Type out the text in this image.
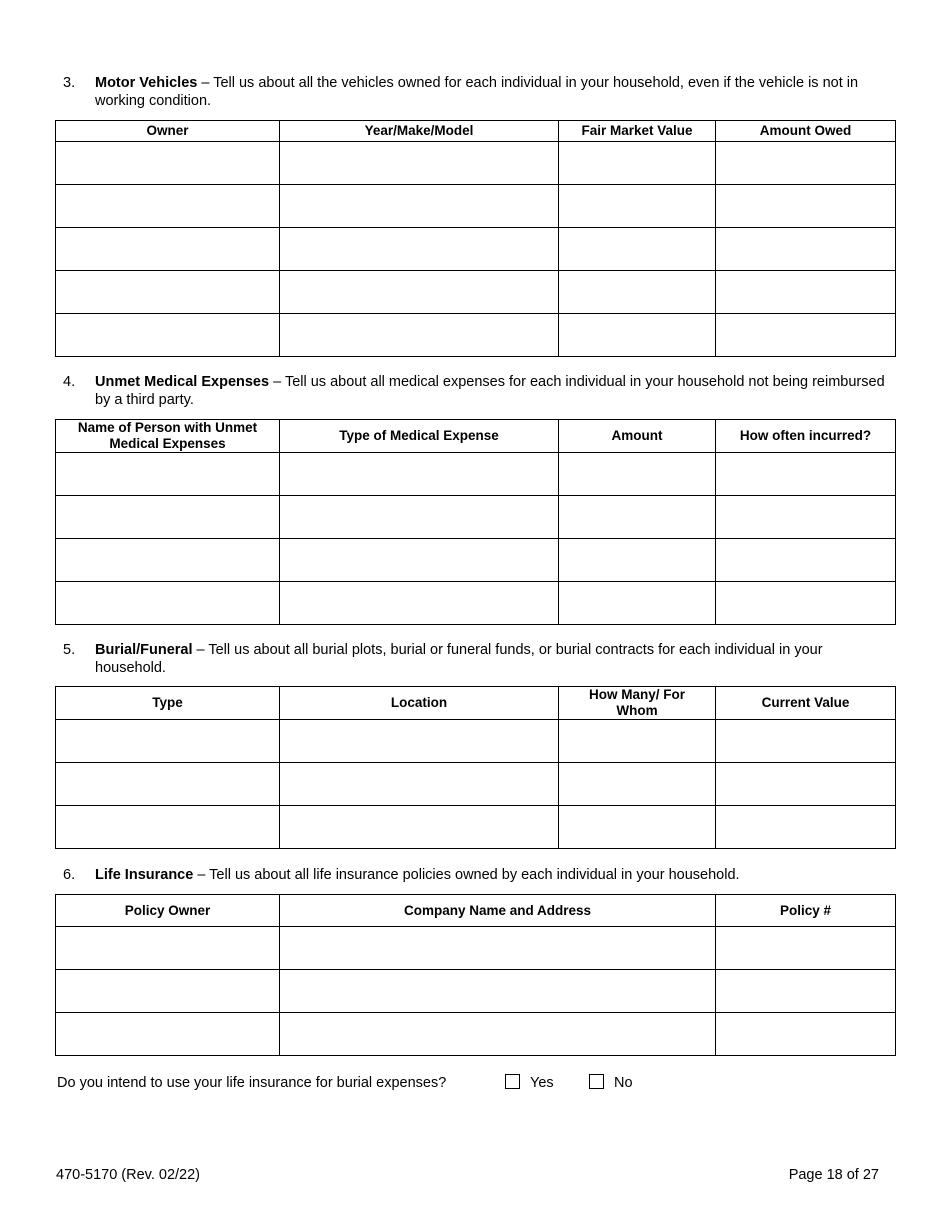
3. Motor Vehicles – Tell us about all the vehicles owned for each individual in your household, even if the vehicle is not in working condition.
Owner	Year/Make/Model	Fair Market Value	Amount Owed

4. Unmet Medical Expenses – Tell us about all medical expenses for each individual in your household not being reimbursed by a third party.
Name of Person with Unmet Medical Expenses	Type of Medical Expense	Amount	How often incurred?

5. Burial/Funeral – Tell us about all burial plots, burial or funeral funds, or burial contracts for each individual in your household.
Type	Location	How Many/ For Whom	Current Value

6. Life Insurance – Tell us about all life insurance policies owned by each individual in your household.
Policy Owner	Company Name and Address	Policy #

Do you intend to use your life insurance for burial expenses?	Yes	No
470-5170 (Rev. 02/22)	Page 18 of 27
